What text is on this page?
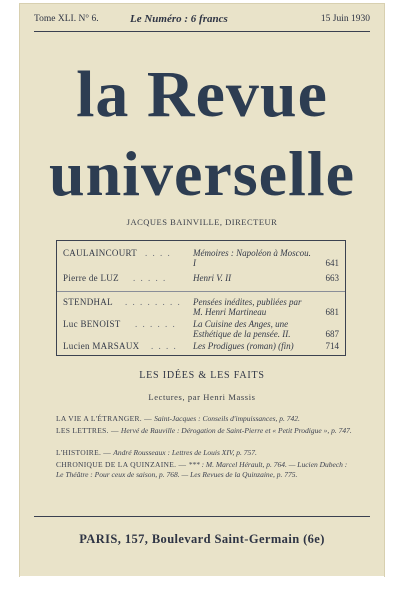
Tome XLI. N° 6.	Le Numéro : 6 francs	15 Juin 1930
la Revue
universelle
JACQUES BAINVILLE, DIRECTEUR
CAULAINCOURT . . . . Mémoires : Napoléon à Moscou. I	641
Pierre de LUZ . . . . .	Henri V. II	663
STENDHAL . . . . . . . . Pensées inédites, publiées par M. Henri Martineau	681
Luc BENOIST . . . . . . La Cuisine des Anges, une Esthétique de la pensée. II.	687
Lucien MARSAUX . . . . Les Prodigues (roman) (fin)	714
LES IDÉES & LES FAITS
Lectures, par Henri Massis
LA VIE A L'ÉTRANGER. — Saint-Jacques : Conseils d'impuissances, p. 742.
LES LETTRES. — Hervé de Rauville : Dérogation de Saint-Pierre et « Petit Prodigue », p. 747.
L'HISTOIRE. — André Rousseaux : Lettres de Louis XIV, p. 757.
CHRONIQUE DE LA QUINZAINE. — *** : M. Marcel Hérault, p. 764. — Lucien Dubech : Le Théâtre : Pour ceux de saison, p. 768. — Les Revues de la Quinzaine, p. 775.
PARIS, 157, Boulevard Saint-Germain (6e)
